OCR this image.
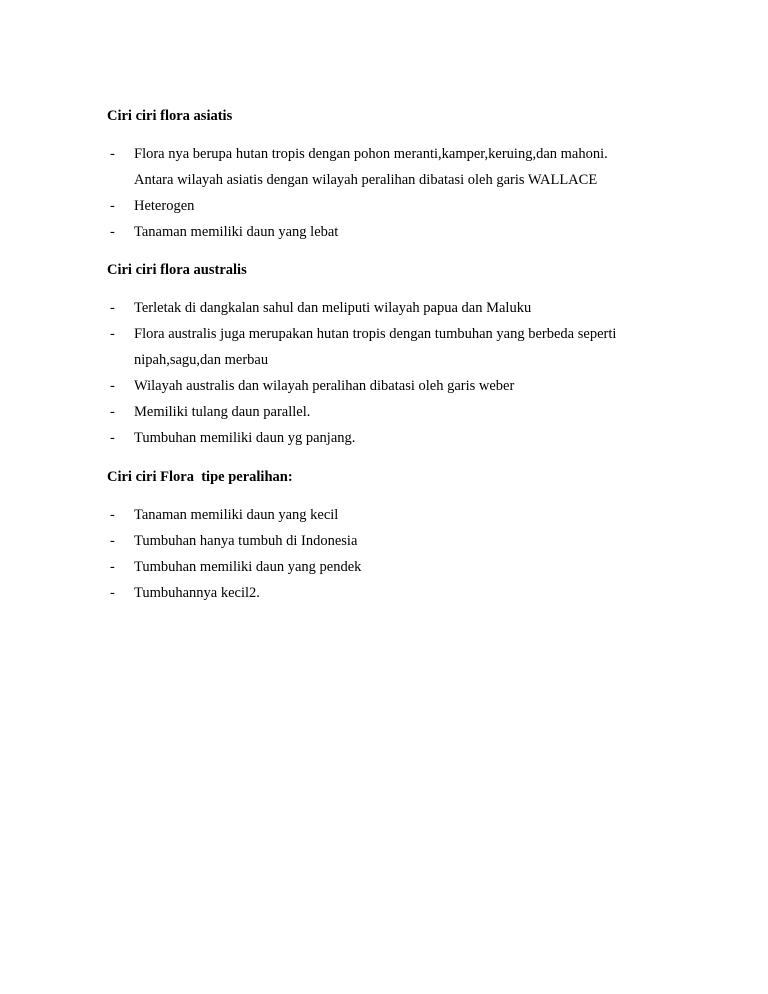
Ciri ciri flora asiatis
- Flora nya berupa hutan tropis dengan pohon meranti,kamper,keruing,dan mahoni.
Antara wilayah asiatis dengan wilayah peralihan dibatasi oleh garis WALLACE
- Heterogen
- Tanaman memiliki daun yang lebat
Ciri ciri flora australis
- Terletak di dangkalan sahul dan meliputi wilayah papua dan Maluku
- Flora australis juga merupakan hutan tropis dengan tumbuhan yang berbeda seperti
nipah,sagu,dan merbau
- Wilayah australis dan wilayah peralihan dibatasi oleh garis weber
- Memiliki tulang daun parallel.
- Tumbuhan memiliki daun yg panjang.
Ciri ciri Flora  tipe peralihan:
- Tanaman memiliki daun yang kecil
- Tumbuhan hanya tumbuh di Indonesia
- Tumbuhan memiliki daun yang pendek
- Tumbuhannya kecil2.
